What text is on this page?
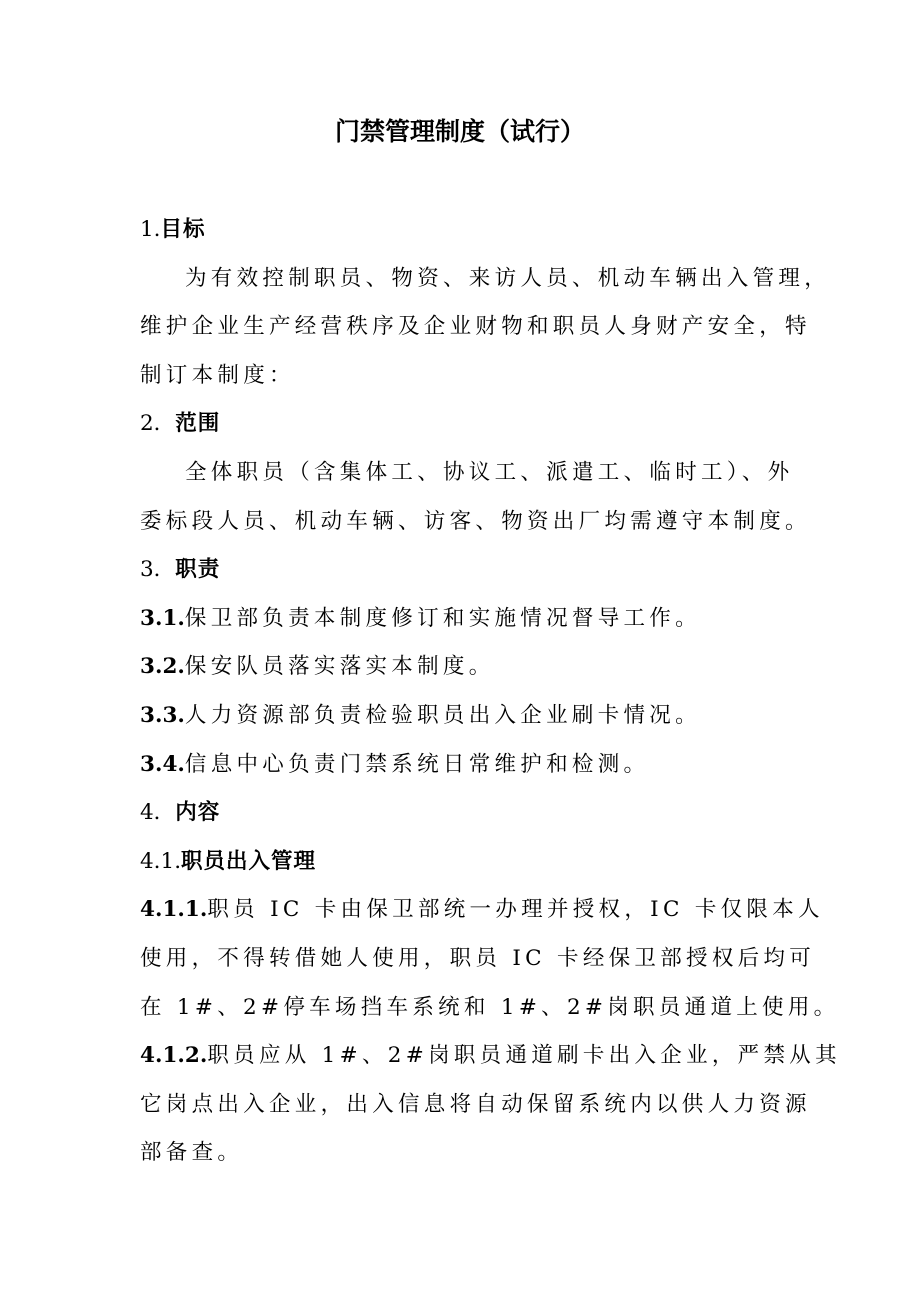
门禁管理制度（试行）
1.目标
为有效控制职员、物资、来访人员、机动车辆出入管理，
维护企业生产经营秩序及企业财物和职员人身财产安全，特
制订本制度：
2．范围
全体职员（含集体工、协议工、派遣工、临时工）、外
委标段人员、机动车辆、访客、物资出厂均需遵守本制度。
3．职责
3.1.保卫部负责本制度修订和实施情况督导工作。
3.2.保安队员落实落实本制度。
3.3.人力资源部负责检验职员出入企业刷卡情况。
3.4.信息中心负责门禁系统日常维护和检测。
4．内容
4.1.职员出入管理
4.1.1.职员 IC 卡由保卫部统一办理并授权，IC 卡仅限本人
使用，不得转借她人使用，职员 IC 卡经保卫部授权后均可
在 1#、2#停车场挡车系统和 1#、2#岗职员通道上使用。
4.1.2.职员应从 1#、2#岗职员通道刷卡出入企业，严禁从其
它岗点出入企业，出入信息将自动保留系统内以供人力资源
部备查。
